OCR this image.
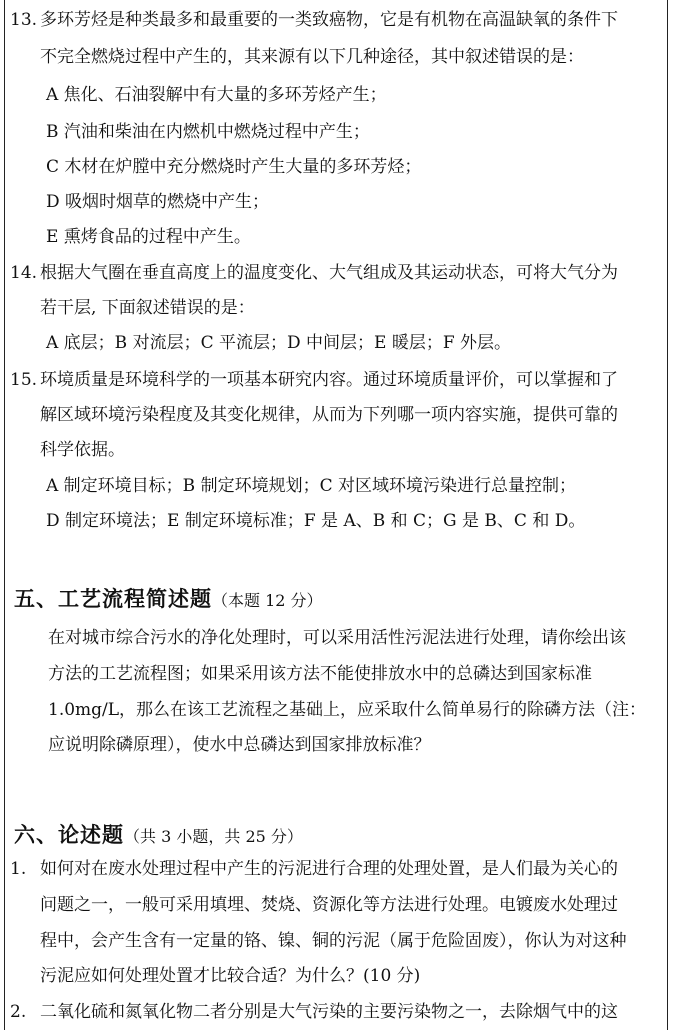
13. 多环芳烃是种类最多和最重要的一类致癌物，它是有机物在高温缺氧的条件下
不完全燃烧过程中产生的，其来源有以下几种途径，其中叙述错误的是：
A 焦化、石油裂解中有大量的多环芳烃产生；
B 汽油和柴油在内燃机中燃烧过程中产生；
C 木材在炉膛中充分燃烧时产生大量的多环芳烃；
D 吸烟时烟草的燃烧中产生；
E 熏烤食品的过程中产生。
14. 根据大气圈在垂直高度上的温度变化、大气组成及其运动状态，可将大气分为
若干层, 下面叙述错误的是：
A 底层；B 对流层；C 平流层；D 中间层；E 暖层；F 外层。
15. 环境质量是环境科学的一项基本研究内容。通过环境质量评价，可以掌握和了
解区域环境污染程度及其变化规律，从而为下列哪一项内容实施，提供可靠的
科学依据。
A 制定环境目标；B 制定环境规划；C 对区域环境污染进行总量控制；
D 制定环境法；E 制定环境标准；F 是 A、B 和 C；G 是 B、C 和 D。
五、工艺流程简述题（本题 12 分）
在对城市综合污水的净化处理时，可以采用活性污泥法进行处理，请你绘出该
方法的工艺流程图；如果采用该方法不能使排放水中的总磷达到国家标准
1.0mg/L，那么在该工艺流程之基础上，应采取什么简单易行的除磷方法（注：
应说明除磷原理），使水中总磷达到国家排放标准？
六、论述题（共 3 小题，共 25 分）
1. 如何对在废水处理过程中产生的污泥进行合理的处理处置，是人们最为关心的
问题之一，一般可采用填埋、焚烧、资源化等方法进行处理。电镀废水处理过
程中，会产生含有一定量的铬、镍、铜的污泥（属于危险固废），你认为对这种
污泥应如何处理处置才比较合适？为什么？(10 分)
2. 二氧化硫和氮氧化物二者分别是大气污染的主要污染物之一，去除烟气中的这
